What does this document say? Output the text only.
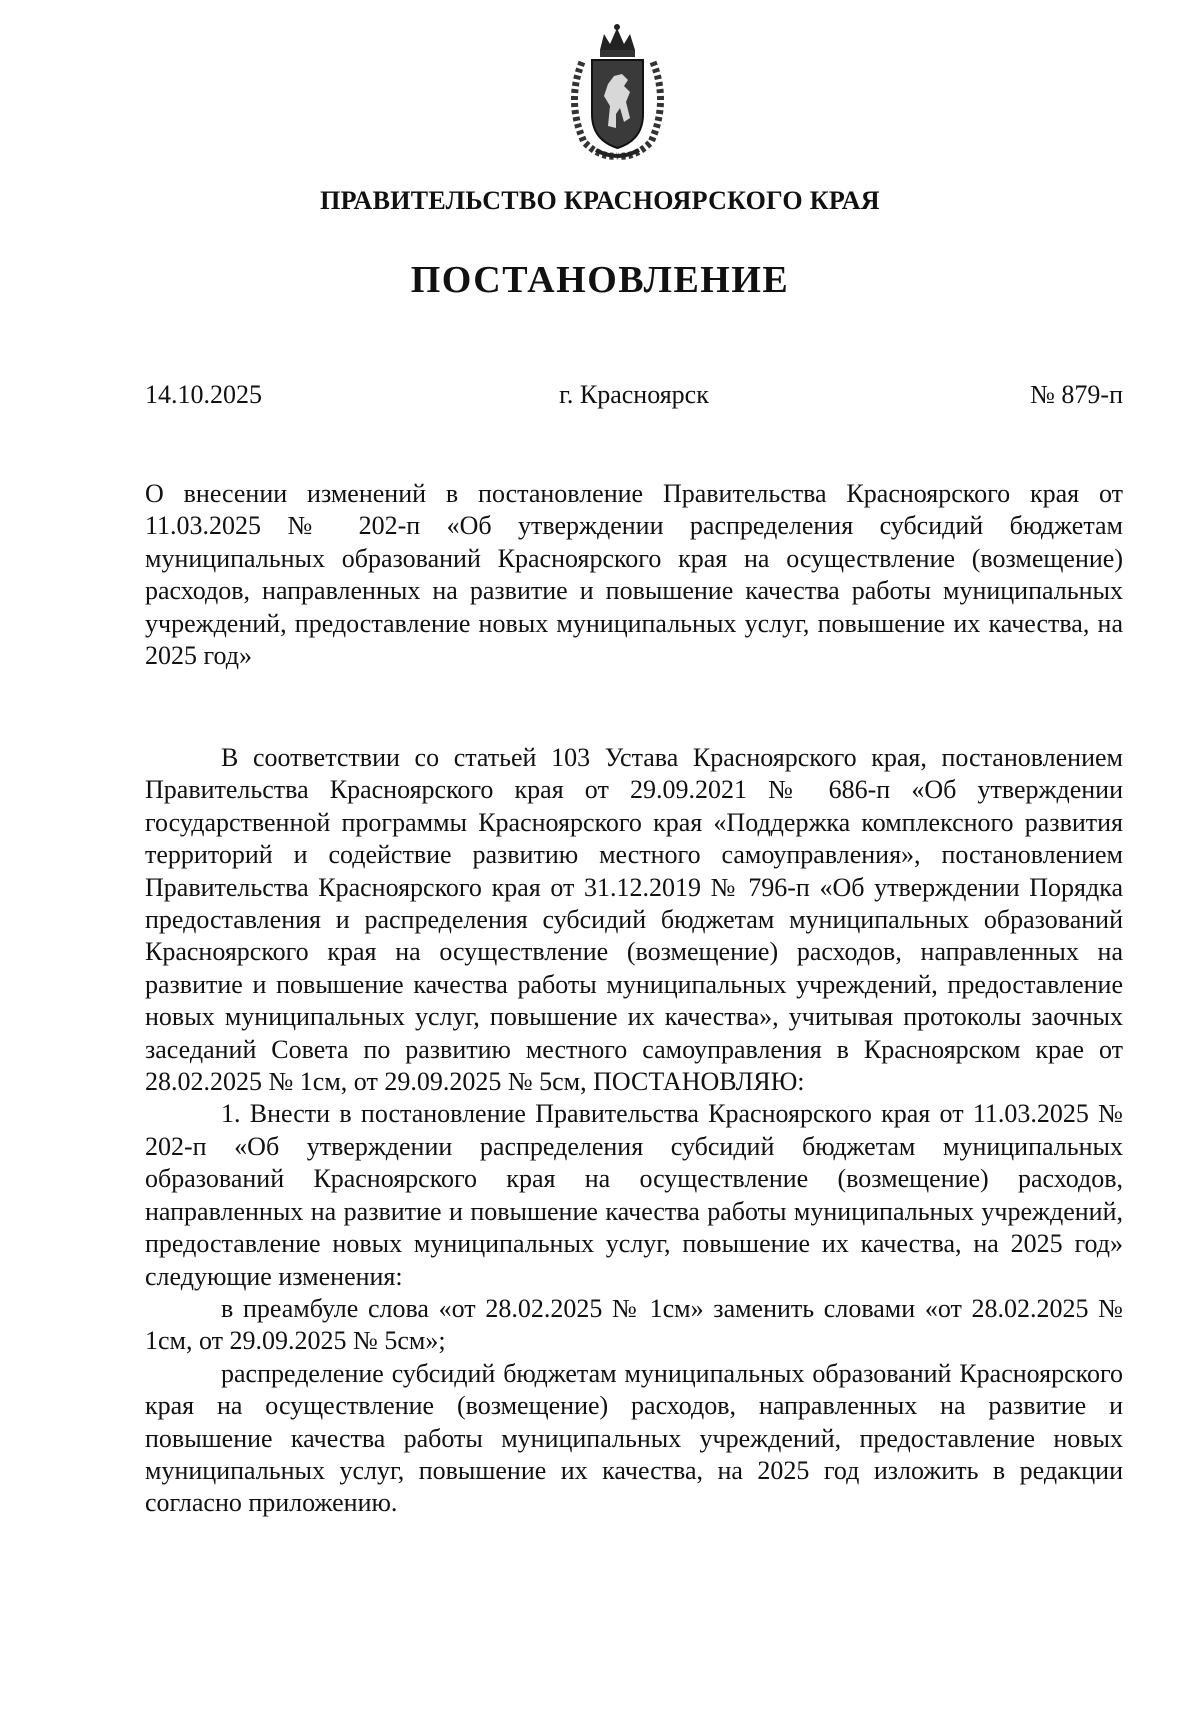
ПРАВИТЕЛЬСТВО КРАСНОЯРСКОГО КРАЯ
ПОСТАНОВЛЕНИЕ
14.10.2025	г. Красноярск	№ 879-п
О внесении изменений в постановление Правительства Красноярского края от 11.03.2025 № 202-п «Об утверждении распределения субсидий бюджетам муниципальных образований Красноярского края на осуществление (возмещение) расходов, направленных на развитие и повышение качества работы муниципальных учреждений, предоставление новых муниципальных услуг, повышение их качества, на 2025 год»

В соответствии со статьей 103 Устава Красноярского края, постановлением Правительства Красноярского края от 29.09.2021 № 686-п «Об утверждении государственной программы Красноярского края «Поддержка комплексного развития территорий и содействие развитию местного самоуправления», постановлением Правительства Красноярского края от 31.12.2019 № 796-п «Об утверждении Порядка предоставления и распределения субсидий бюджетам муниципальных образований Красноярского края на осуществление (возмещение) расходов, направленных на развитие и повышение качества работы муниципальных учреждений, предоставление новых муниципальных услуг, повышение их качества», учитывая протоколы заочных заседаний Совета по развитию местного самоуправления в Красноярском крае от 28.02.2025 № 1см, от 29.09.2025 № 5см, ПОСТАНОВЛЯЮ:

1. Внести в постановление Правительства Красноярского края от 11.03.2025 № 202-п «Об утверждении распределения субсидий бюджетам муниципальных образований Красноярского края на осуществление (возмещение) расходов, направленных на развитие и повышение качества работы муниципальных учреждений, предоставление новых муниципальных услуг, повышение их качества, на 2025 год» следующие изменения:

в преамбуле слова «от 28.02.2025 № 1см» заменить словами «от 28.02.2025 № 1см, от 29.09.2025 № 5см»;

распределение субсидий бюджетам муниципальных образований Красноярского края на осуществление (возмещение) расходов, направленных на развитие и повышение качества работы муниципальных учреждений, предоставление новых муниципальных услуг, повышение их качества, на 2025 год изложить в редакции согласно приложению.
